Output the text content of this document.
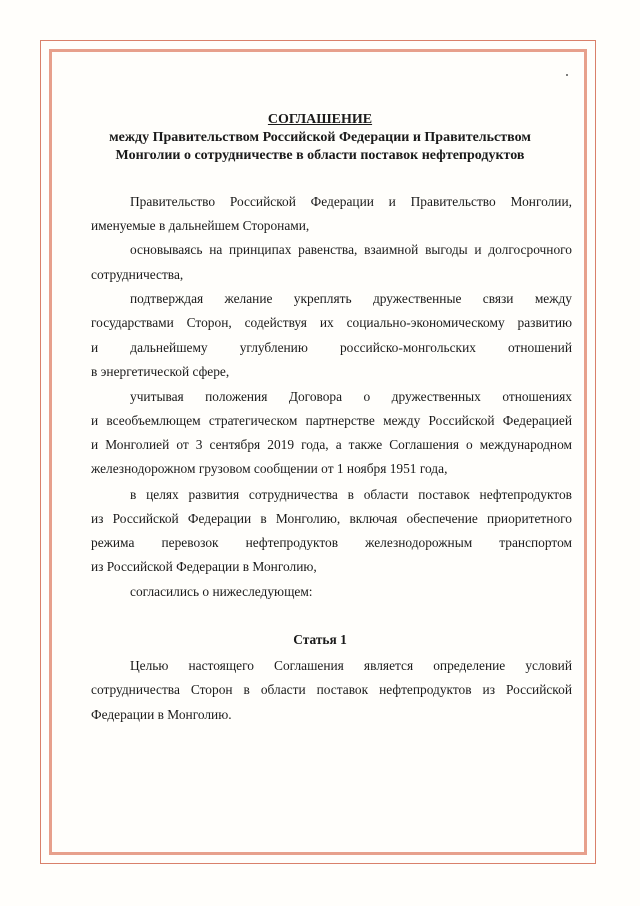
СОГЛАШЕНИЕ
между Правительством Российской Федерации и Правительством
Монголии о сотрудничестве в области поставок нефтепродуктов
Правительство Российской Федерации и Правительство Монголии,
именуемые в дальнейшем Сторонами,
основываясь на принципах равенства, взаимной выгоды и долгосрочного
сотрудничества,
подтверждая желание укреплять дружественные связи между
государствами Сторон, содействуя их социально-экономическому развитию
и дальнейшему углублению российско-монгольских отношений
в энергетической сфере,
учитывая положения Договора о дружественных отношениях
и всеобъемлющем стратегическом партнерстве между Российской Федерацией
и Монголией от 3 сентября 2019 года, а также Соглашения о международном
железнодорожном грузовом сообщении от 1 ноября 1951 года,
в целях развития сотрудничества в области поставок нефтепродуктов
из Российской Федерации в Монголию, включая обеспечение приоритетного
режима перевозок нефтепродуктов железнодорожным транспортом
из Российской Федерации в Монголию,
согласились о нижеследующем:
Статья 1
Целью настоящего Соглашения является определение условий
сотрудничества Сторон в области поставок нефтепродуктов из Российской
Федерации в Монголию.
